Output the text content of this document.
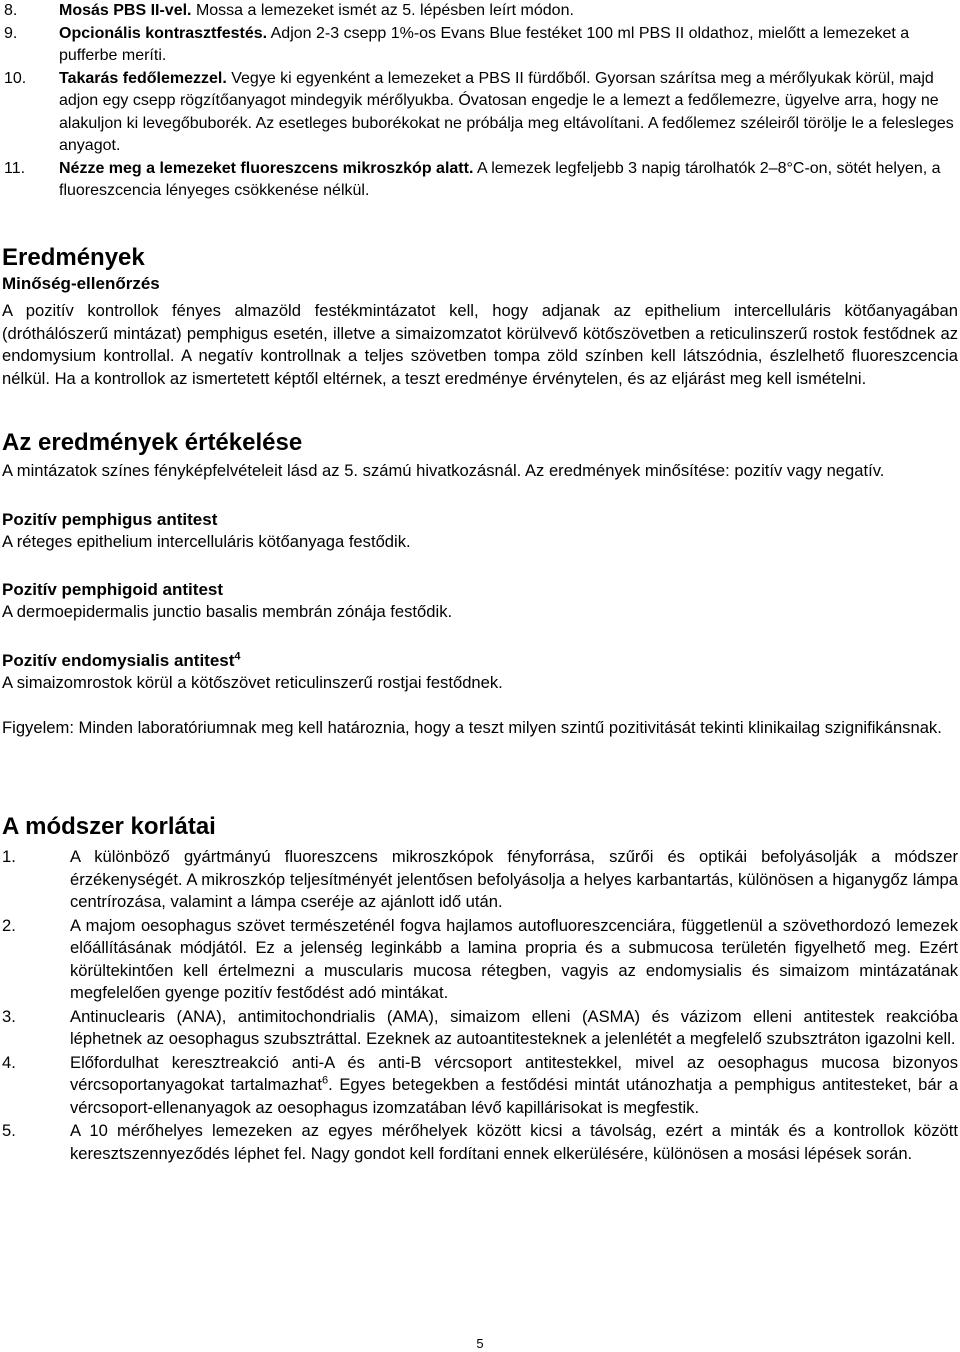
8.	Mosás PBS II-vel. Mossa a lemezeket ismét az 5. lépésben leírt módon.
9.	Opcionális kontrasztfestés. Adjon 2-3 csepp 1%-os Evans Blue festéket 100 ml PBS II oldathoz, mielőtt a lemezeket a pufferbe meríti.
10. Takarás fedőlemezzel. Vegye ki egyenként a lemezeket a PBS II fürdőből. Gyorsan szárítsa meg a mérőlyukak körül, majd adjon egy csepp rögzítőanyagot mindegyik mérőlyukba. Óvatosan engedje le a lemezt a fedőlemezre, ügyelve arra, hogy ne alakuljon ki levegőbuborék. Az esetleges buborékokat ne próbálja meg eltávolítani. A fedőlemez széleiről törölje le a felesleges anyagot.
11. Nézze meg a lemezeket fluoreszcens mikroszkóp alatt. A lemezek legfeljebb 3 napig tárolhatók 2–8°C-on, sötét helyen, a fluoreszcencia lényeges csökkenése nélkül.
Eredmények
Minőség-ellenőrzés
A pozitív kontrollok fényes almazöld festékmintázatot kell, hogy adjanak az epithelium intercelluláris kötőanyagában (dróthálószerű mintázat) pemphigus esetén, illetve a simaizomzatot körülvevő kötőszövetben a reticulinszerű rostok festődnek az endomysium kontrollal. A negatív kontrollnak a teljes szövetben tompa zöld színben kell látszódnia, észlelhető fluoreszcencia nélkül. Ha a kontrollok az ismertetett képtől eltérnek, a teszt eredménye érvénytelen, és az eljárást meg kell ismételni.
Az eredmények értékelése
A mintázatok színes fényképfelvételeit lásd az 5. számú hivatkozásnál. Az eredmények minősítése: pozitív vagy negatív.
Pozitív pemphigus antitest
A réteges epithelium intercelluláris kötőanyaga festődik.
Pozitív pemphigoid antitest
A dermoepidermalis junctio basalis membrán zónája festődik.
Pozitív endomysialis antitest$^4$
A simaizomrostok körül a kötőszövet reticulinszerű rostjai festődnek.
Figyelem: Minden laboratóriumnak meg kell határoznia, hogy a teszt milyen szintű pozitivitását tekinti klinikailag szignifikánsnak.
A módszer korlátai
1.	A különböző gyártmányú fluoreszcens mikroszkópok fényforrása, szűrői és optikái befolyásolják a módszer érzékenységét. A mikroszkóp teljesítményét jelentősen befolyásolja a helyes karbantartás, különösen a higanygőz lámpa centrírozása, valamint a lámpa cseréje az ajánlott idő után.
2.	A majom oesophagus szövet természeténél fogva hajlamos autofluoreszcenciára, függetlenül a szövethordozó lemezek előállításának módjától. Ez a jelenség leginkább a lamina propria és a submucosa területén figyelhető meg. Ezért körültekintően kell értelmezni a muscularis mucosa rétegben, vagyis az endomysialis és simaizom mintázatának megfelelően gyenge pozitív festődést adó mintákat.
3.	Antinuclearis (ANA), antimitochondrialis (AMA), simaizom elleni (ASMA) és vázizom elleni antitestek reakcióba léphetnek az oesophagus szubsztráttal. Ezeknek az autoantitesteknek a jelenlétét a megfelelő szubsztráton igazolni kell.
4.	Előfordulhat keresztreakció anti-A és anti-B vércsoport antitestekkel, mivel az oesophagus mucosa bizonyos vércsoportanyagokat tartalmazhat$^6$. Egyes betegekben a festődési mintát utánozhatja a pemphigus antitesteket, bár a vércsoport-ellenanyagok az oesophagus izomzatában lévő kapillárisokat is megfestik.
5.	A 10 mérőhelyes lemezeken az egyes mérőhelyek között kicsi a távolság, ezért a minták és a kontrollok között keresztszennyeződés léphet fel. Nagy gondot kell fordítani ennek elkerülésére, különösen a mosási lépések során.
5
